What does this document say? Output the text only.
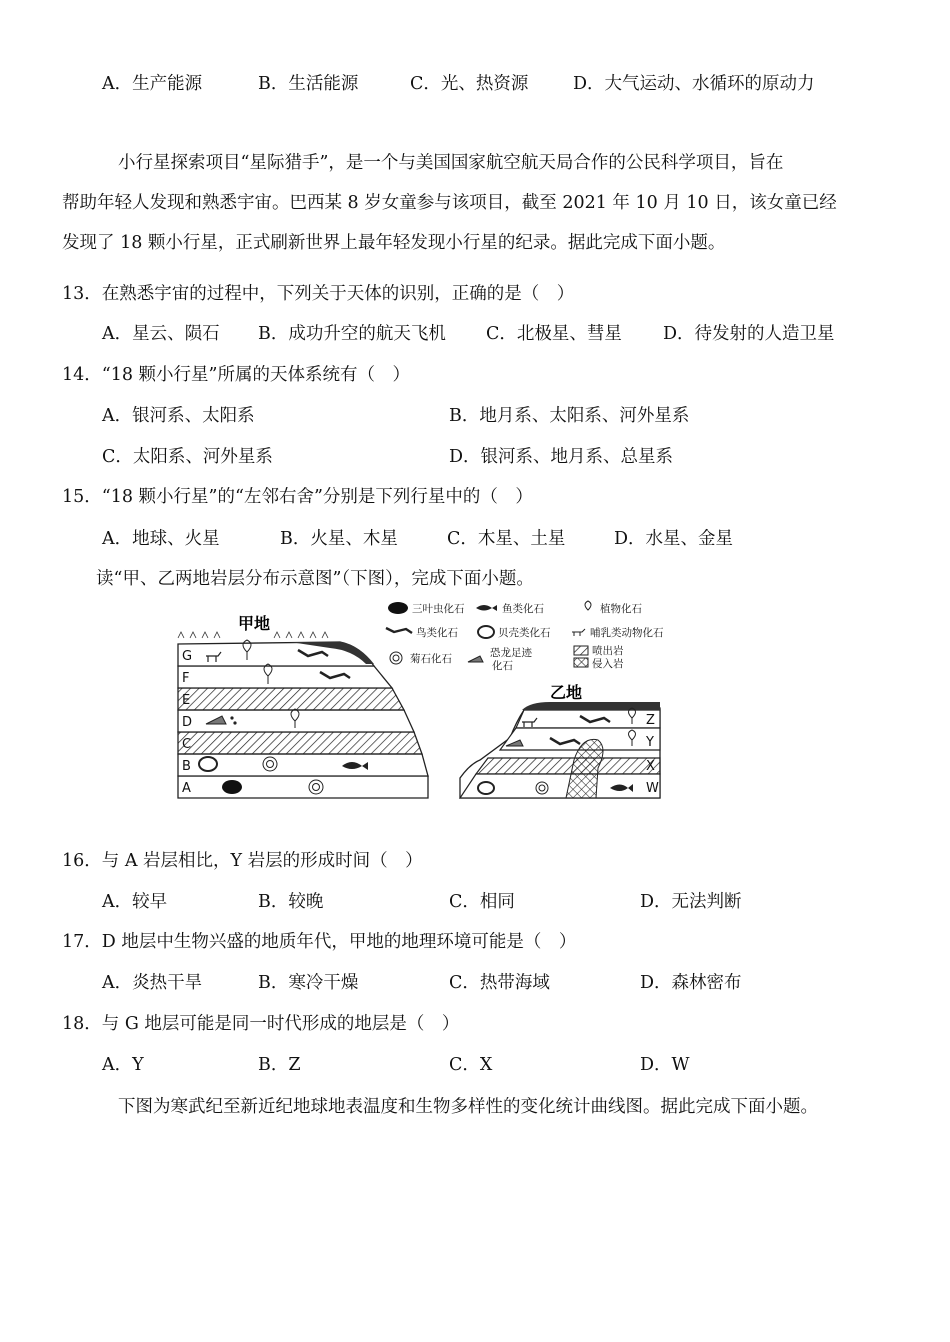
A．生产能源	B．生活能源	C．光、热资源	D．大气运动、水循环的原动力
小行星探索项目“星际猎手”，是一个与美国国家航空航天局合作的公民科学项目，旨在
帮助年轻人发现和熟悉宇宙。巴西某 8 岁女童参与该项目，截至 2021 年 10 月 10 日，该女童已经
发现了 18 颗小行星，正式刷新世界上最年轻发现小行星的纪录。据此完成下面小题。
13．在熟悉宇宙的过程中，下列关于天体的识别，正确的是（　）
A．星云、陨石 B．成功升空的航天飞机 C．北极星、彗星 D．待发射的人造卫星
14．“18 颗小行星”所属的天体系统有（　）
A．银河系、太阳系	B．地月系、太阳系、河外星系
C．太阳系、河外星系	D．银河系、地月系、总星系
15．“18 颗小行星”的“左邻右舍”分别是下列行星中的（　）
A．地球、火星	B．火星、木星	C．木星、土星	D．水星、金星
读“甲、乙两地岩层分布示意图”（下图），完成下面小题。
甲地
G
F
E
D
C
B
A
乙地
Z
Y
X
W
三叶虫化石	鱼类化石	植物化石
鸟类化石	贝壳类化石	哺乳类动物化石
菊石化石	恐龙足迹
化石
喷出岩
侵入岩
16．与 A 岩层相比，Y 岩层的形成时间（　）
A．较早	B．较晚	C．相同	D．无法判断
17．D 地层中生物兴盛的地质年代，甲地的地理环境可能是（　）
A．炎热干旱	B．寒冷干燥	C．热带海域	D．森林密布
18．与 G 地层可能是同一时代形成的地层是（　）
A．Y	B．Z	C．X	D．W
下图为寒武纪至新近纪地球地表温度和生物多样性的变化统计曲线图。据此完成下面小题。
